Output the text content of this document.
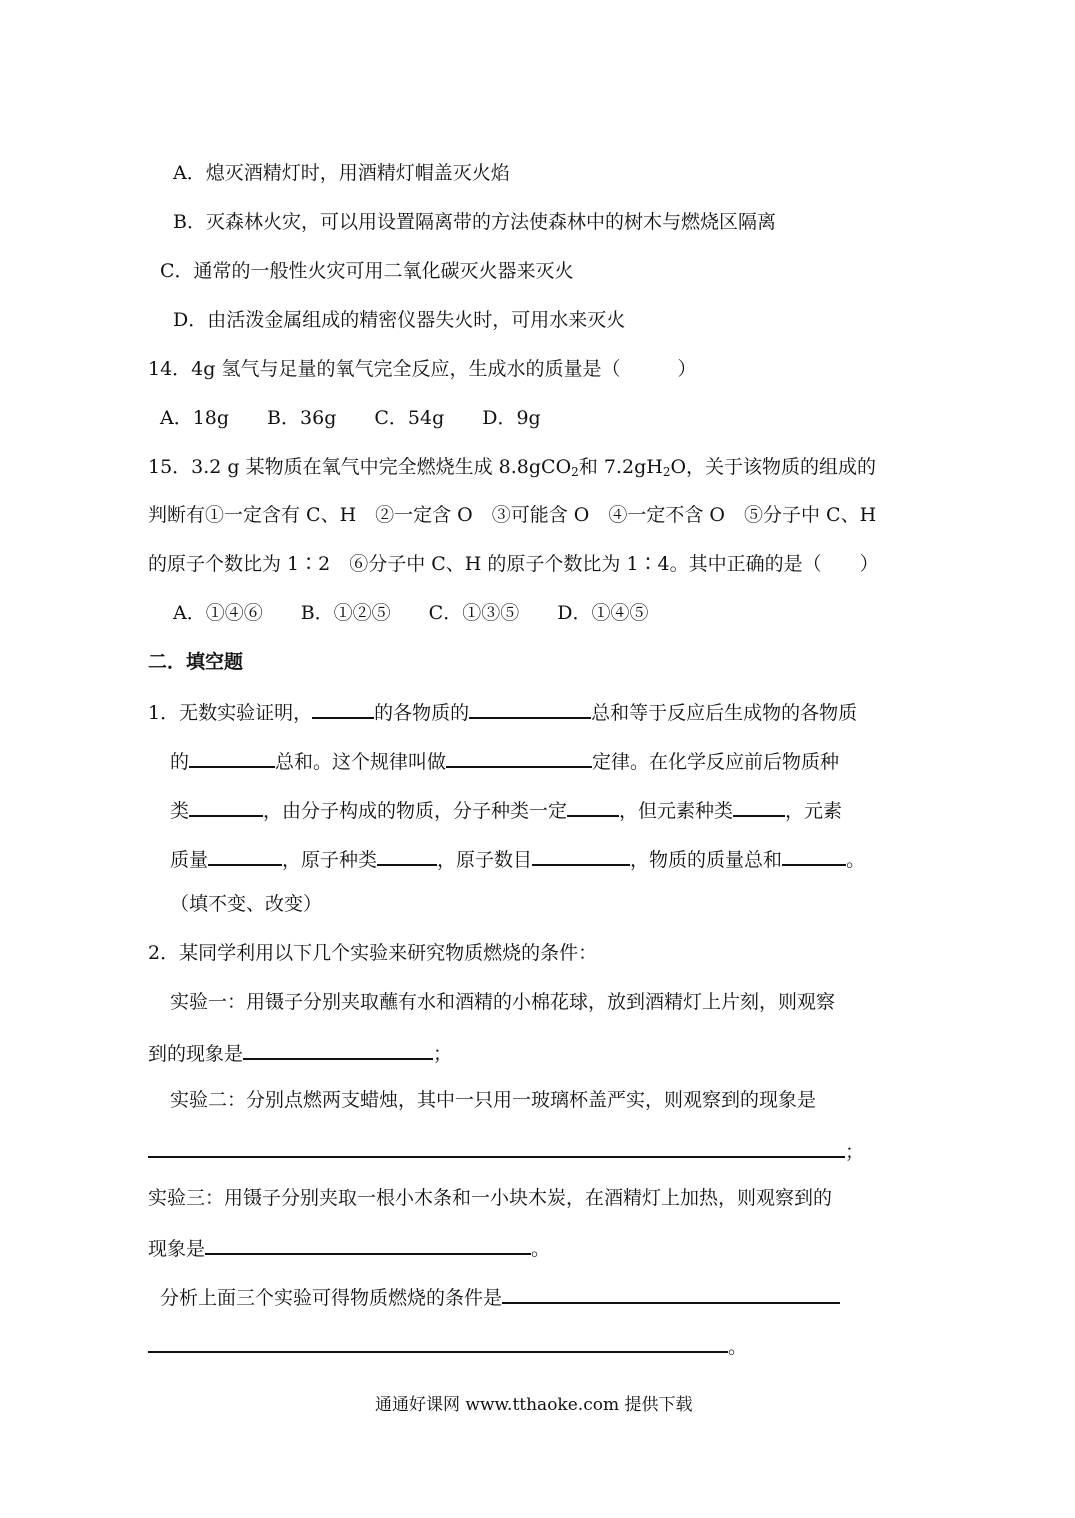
A．熄灭酒精灯时，用酒精灯帽盖灭火焰
B．灭森林火灾，可以用设置隔离带的方法使森林中的树木与燃烧区隔离
C．通常的一般性火灾可用二氧化碳灭火器来灭火
D．由活泼金属组成的精密仪器失火时，可用水来灭火
14．4g 氢气与足量的氧气完全反应，生成水的质量是（　　　）
A．18g　　B．36g　　C．54g　　D．9g
15．3.2 g 某物质在氧气中完全燃烧生成 8.8gCO$_2$和 $7.2gH_2O$，关于该物质的组成的
判断有①一定含有 C、H　②一定含 O　③可能含 O　④一定不含 O　⑤分子中 C、H
的原子个数比为 1∶2　⑥分子中 C、H 的原子个数比为 1∶4。其中正确的是（　　）
A．①④⑥　　B．①②⑤　　C．①③⑤　　D．①④⑤
二．填空题
1．无数实验证明，	的各物质的	总和等于反应后生成物的各物质
的	总和。这个规律叫做	定律。在化学反应前后物质种
类	，由分子构成的物质，分子种类一定	，但元素种类	，元素
质量	，原子种类	，原子数目	，物质的质量总和	。
（填不变、改变）
2．某同学利用以下几个实验来研究物质燃烧的条件：
实验一：用镊子分别夹取蘸有水和酒精的小棉花球，放到酒精灯上片刻，则观察
到的现象是	；
实验二：分别点燃两支蜡烛，其中一只用一玻璃杯盖严实，则观察到的现象是
；
实验三：用镊子分别夹取一根小木条和一小块木炭，在酒精灯上加热，则观察到的
现象是	。
分析上面三个实验可得物质燃烧的条件是
。
通通好课网 www.tthaoke.com 提供下载
